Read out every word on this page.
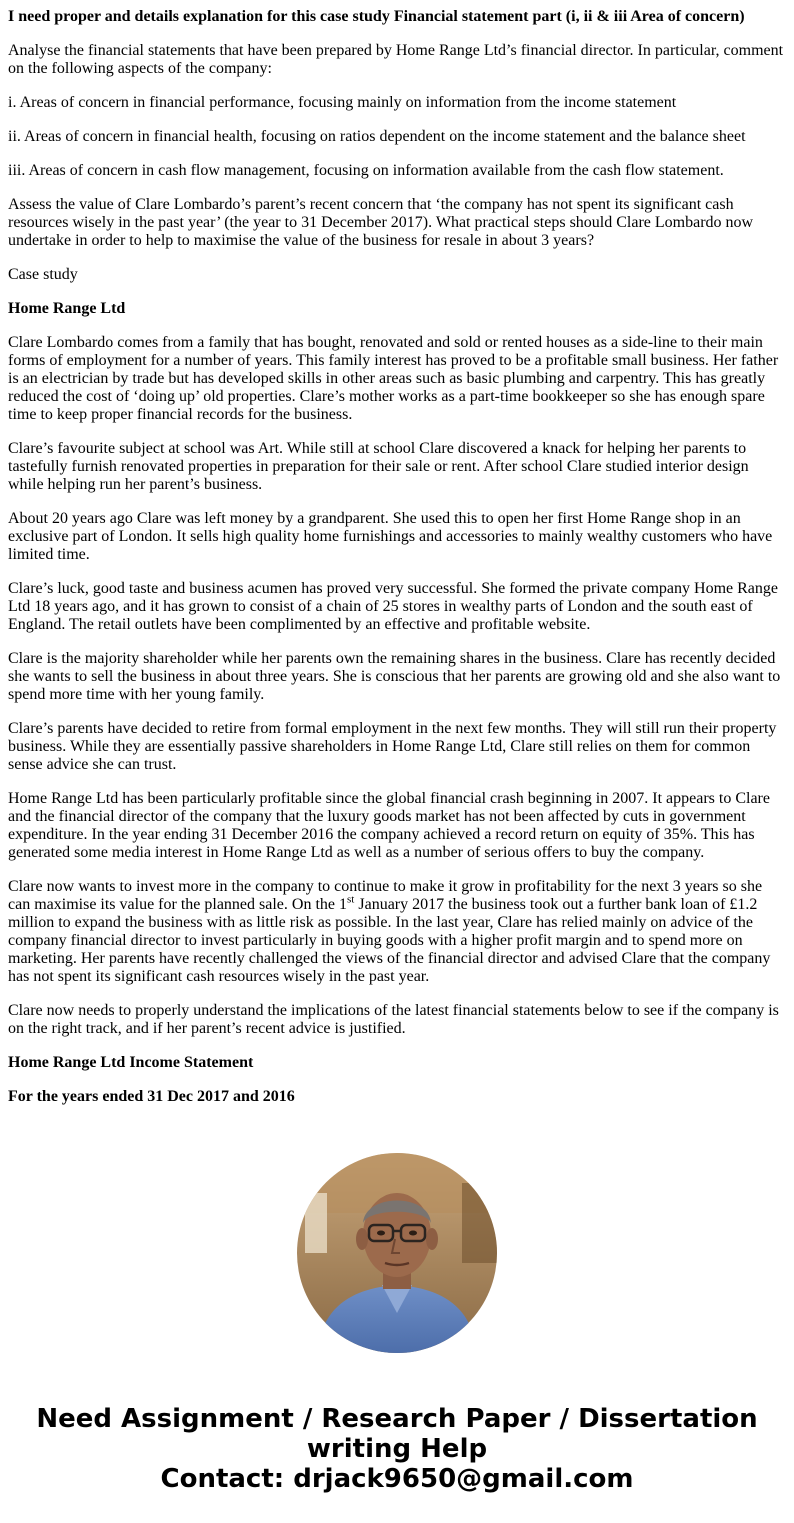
I need proper and details explanation for this case study Financial statement part (i, ii & iii Area of concern)

Analyse the financial statements that have been prepared by Home Range Ltd’s financial director. In particular, comment on the following aspects of the company:

i. Areas of concern in financial performance, focusing mainly on information from the income statement

ii. Areas of concern in financial health, focusing on ratios dependent on the income statement and the balance sheet

iii. Areas of concern in cash flow management, focusing on information available from the cash flow statement.

Assess the value of Clare Lombardo’s parent’s recent concern that ‘the company has not spent its significant cash resources wisely in the past year’ (the year to 31 December 2017). What practical steps should Clare Lombardo now undertake in order to help to maximise the value of the business for resale in about 3 years?

Case study

Home Range Ltd

Clare Lombardo comes from a family that has bought, renovated and sold or rented houses as a side-line to their main forms of employment for a number of years. This family interest has proved to be a profitable small business. Her father is an electrician by trade but has developed skills in other areas such as basic plumbing and carpentry. This has greatly reduced the cost of ‘doing up’ old properties. Clare’s mother works as a part-time bookkeeper so she has enough spare time to keep proper financial records for the business.

Clare’s favourite subject at school was Art. While still at school Clare discovered a knack for helping her parents to tastefully furnish renovated properties in preparation for their sale or rent. After school Clare studied interior design while helping run her parent’s business.

About 20 years ago Clare was left money by a grandparent. She used this to open her first Home Range shop in an exclusive part of London. It sells high quality home furnishings and accessories to mainly wealthy customers who have limited time.

Clare’s luck, good taste and business acumen has proved very successful. She formed the private company Home Range Ltd 18 years ago, and it has grown to consist of a chain of 25 stores in wealthy parts of London and the south east of England. The retail outlets have been complimented by an effective and profitable website.

Clare is the majority shareholder while her parents own the remaining shares in the business. Clare has recently decided she wants to sell the business in about three years. She is conscious that her parents are growing old and she also want to spend more time with her young family.

Clare’s parents have decided to retire from formal employment in the next few months. They will still run their property business. While they are essentially passive shareholders in Home Range Ltd, Clare still relies on them for common sense advice she can trust.

Home Range Ltd has been particularly profitable since the global financial crash beginning in 2007. It appears to Clare and the financial director of the company that the luxury goods market has not been affected by cuts in government expenditure. In the year ending 31 December 2016 the company achieved a record return on equity of 35%. This has generated some media interest in Home Range Ltd as well as a number of serious offers to buy the company.

Clare now wants to invest more in the company to continue to make it grow in profitability for the next 3 years so she can maximise its value for the planned sale. On the 1st January 2017 the business took out a further bank loan of £1.2 million to expand the business with as little risk as possible. In the last year, Clare has relied mainly on advice of the company financial director to invest particularly in buying goods with a higher profit margin and to spend more on marketing. Her parents have recently challenged the views of the financial director and advised Clare that the company has not spent its significant cash resources wisely in the past year.

Clare now needs to properly understand the implications of the latest financial statements below to see if the company is on the right track, and if her parent’s recent advice is justified.

Home Range Ltd Income Statement

For the years ended 31 Dec 2017 and 2016

Need Assignment / Research Paper / Dissertation
writing Help
Contact: drjack9650@gmail.com
